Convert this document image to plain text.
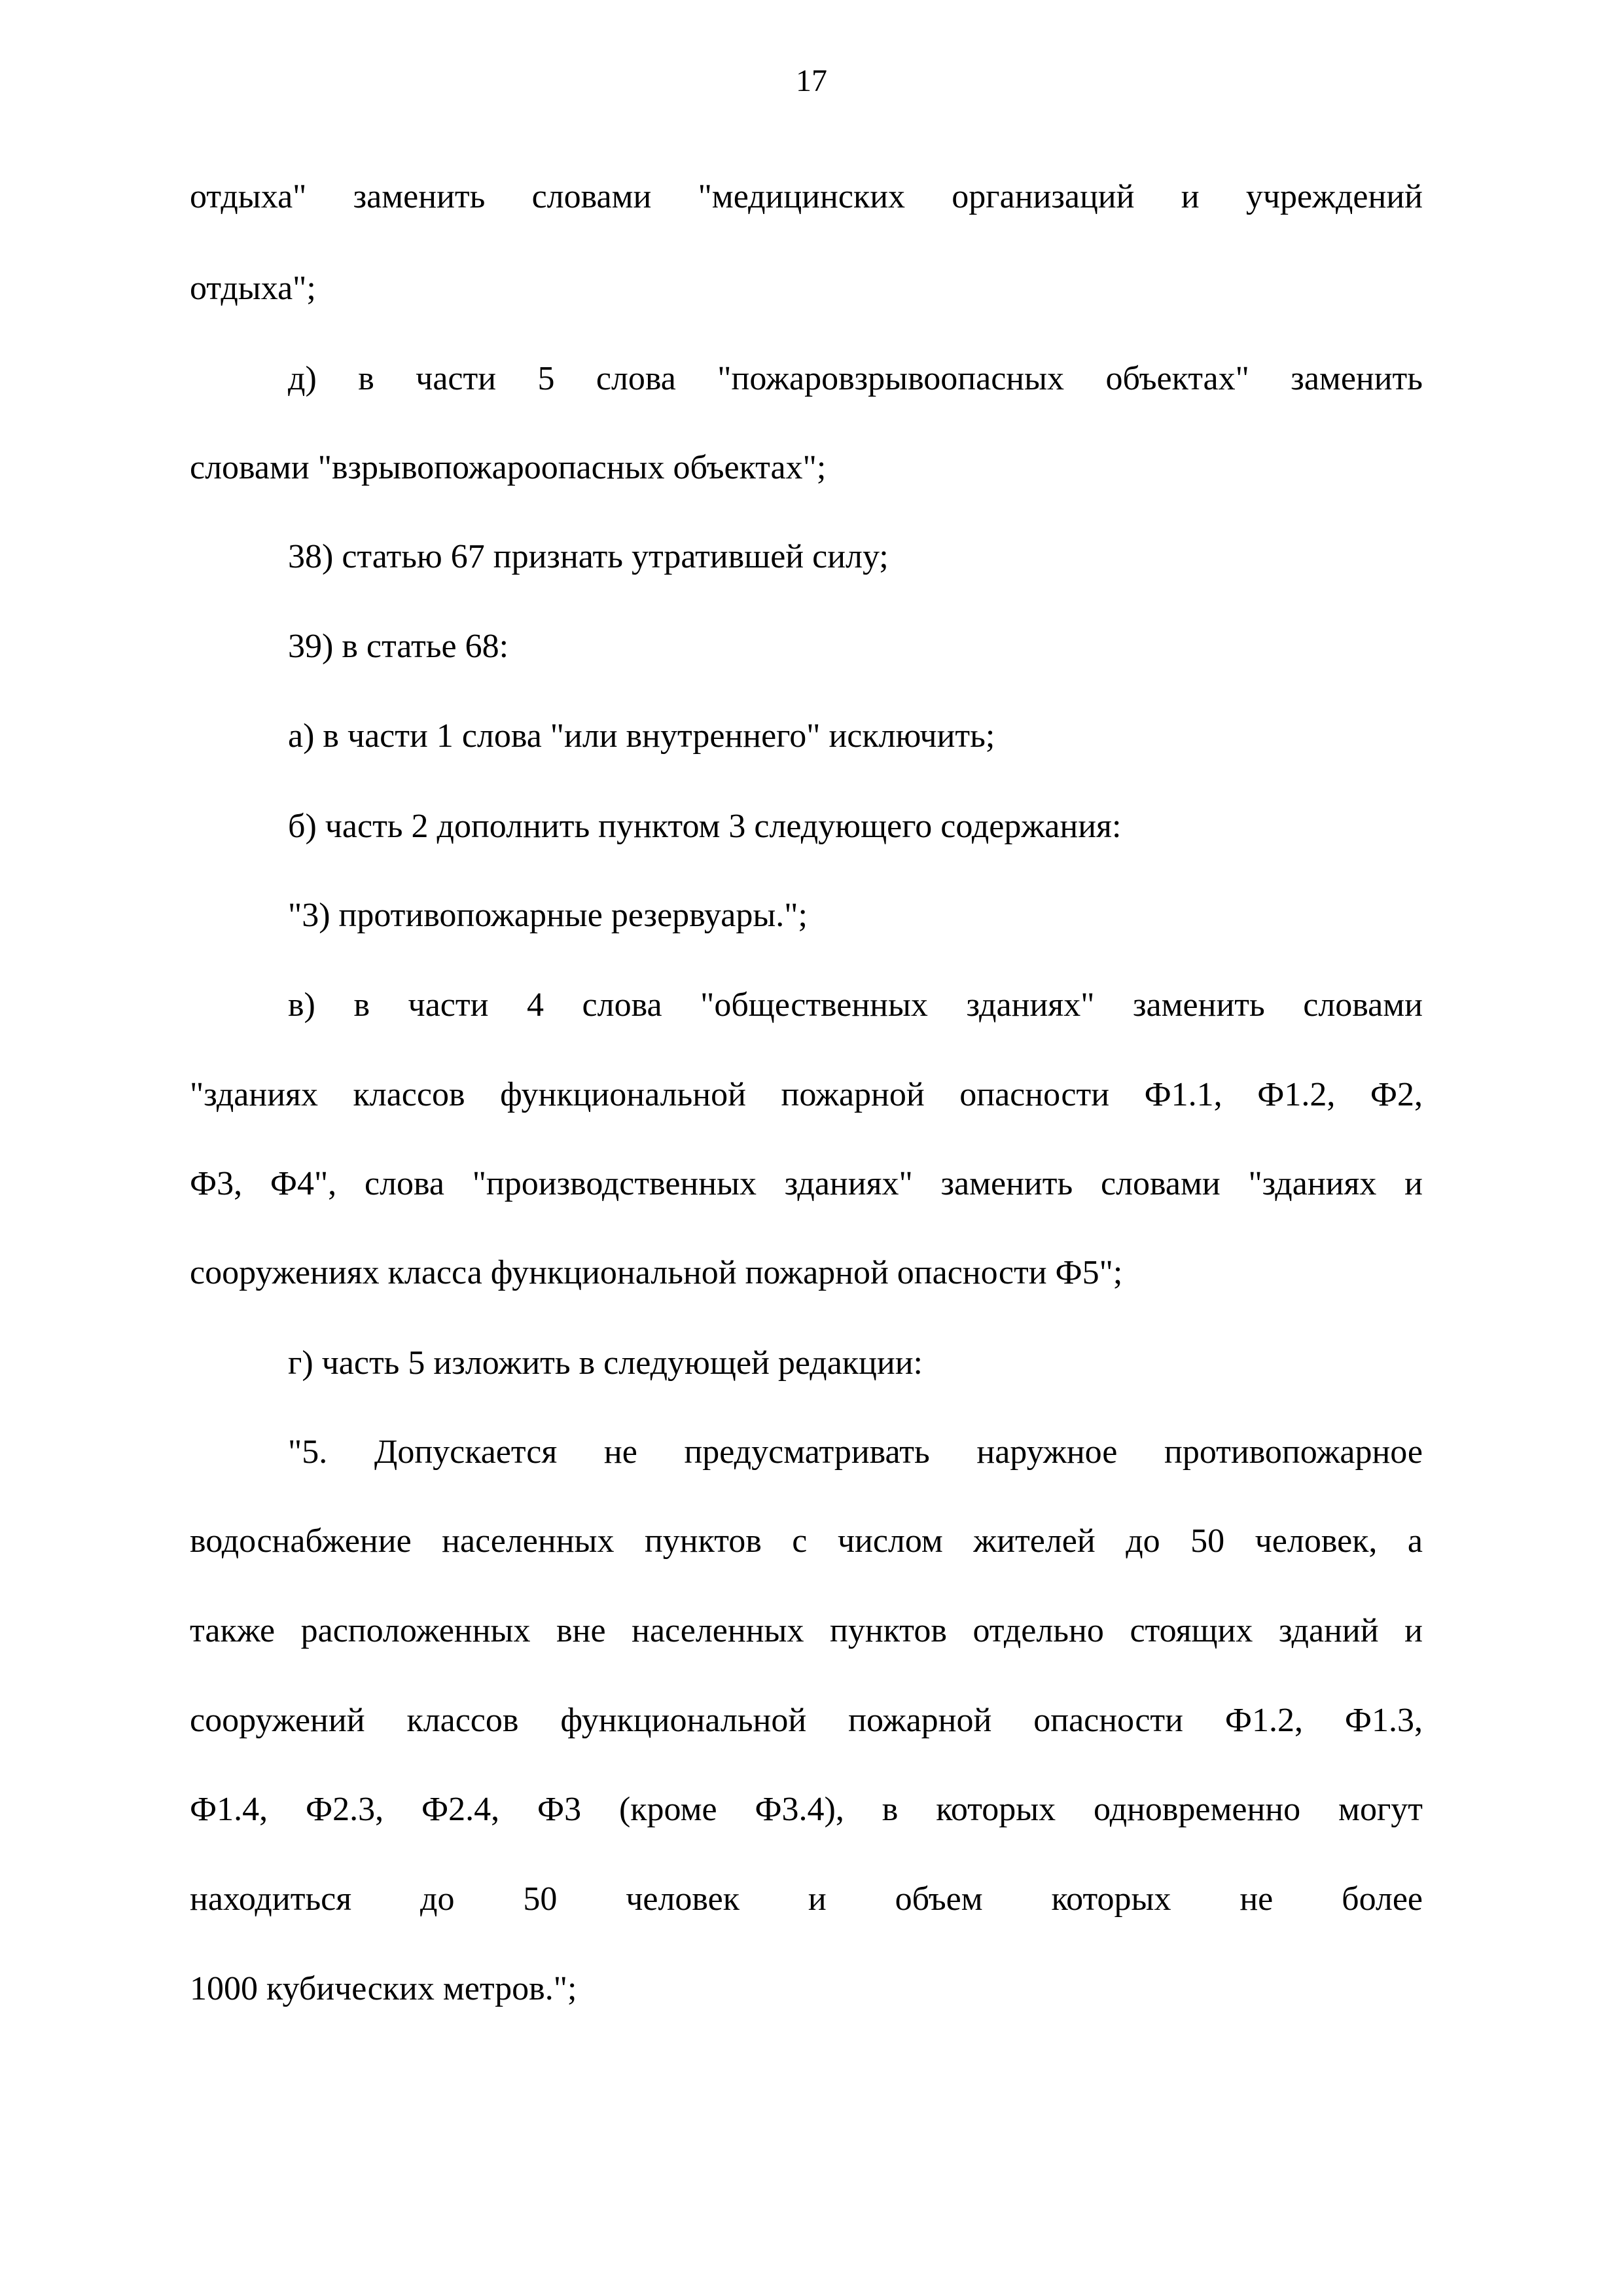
17
отдыха" заменить словами "медицинских организаций и учреждений
отдыха";
д) в части 5 слова "пожаровзрывоопасных объектах" заменить
словами "взрывопожароопасных объектах";
38) статью 67 признать утратившей силу;
39) в статье 68:
а) в части 1 слова "или внутреннего" исключить;
б) часть 2 дополнить пунктом 3 следующего содержания:
"3) противопожарные резервуары.";
в) в части 4 слова "общественных зданиях" заменить словами
"зданиях классов функциональной пожарной опасности Ф1.1, Ф1.2, Ф2,
Ф3, Ф4", слова "производственных зданиях" заменить словами "зданиях и
сооружениях класса функциональной пожарной опасности Ф5";
г) часть 5 изложить в следующей редакции:
"5. Допускается не предусматривать наружное противопожарное
водоснабжение населенных пунктов с числом жителей до 50 человек, а
также расположенных вне населенных пунктов отдельно стоящих зданий и
сооружений классов функциональной пожарной опасности Ф1.2, Ф1.3,
Ф1.4, Ф2.3, Ф2.4, Ф3 (кроме Ф3.4), в которых одновременно могут
находиться до 50 человек и объем которых не более
1000 кубических метров.";
